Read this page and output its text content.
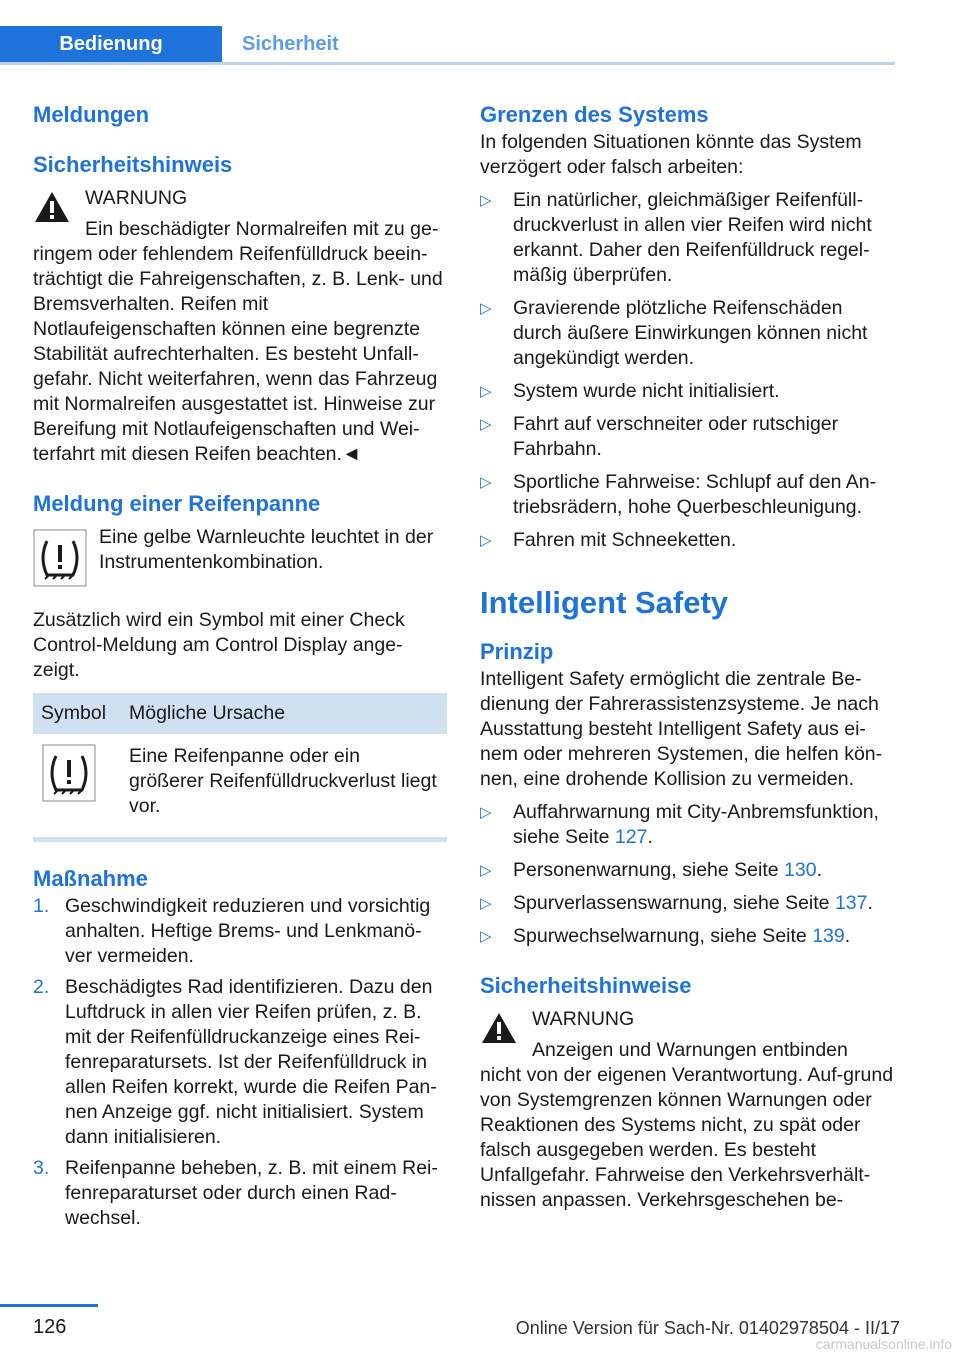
Bedienung	Sicherheit
Meldungen
Sicherheitshinweis

WARNUNG

Ein beschädigter Normalreifen mit zu ge-

ringem oder fehlendem Reifenfülldruck beein-trächtigt die Fahreigenschaften, z. B. Lenk- und Bremsverhalten. Reifen mit Notlaufeigenschaften können eine begrenzte Stabilität aufrechterhalten. Es besteht Unfall-gefahr. Nicht weiterfahren, wenn das Fahrzeug mit Normalreifen ausgestattet ist. Hinweise zur Bereifung mit Notlaufeigenschaften und Wei-terfahrt mit diesen Reifen beachten.◄

Meldung einer Reifenpanne

Eine gelbe Warnleuchte leuchtet in der Instrumentenkombination.

Zusätzlich wird ein Symbol mit einer Check Control-Meldung am Control Display ange-zeigt.

Symbol	Mögliche Ursache
	Eine Reifenpanne oder ein größerer Reifenfülldruckverlust liegt vor.
Maßnahme
1. Geschwindigkeit reduzieren und vorsichtig anhalten. Heftige Brems- und Lenkmanö-ver vermeiden.
2. Beschädigtes Rad identifizieren. Dazu den Luftdruck in allen vier Reifen prüfen, z. B. mit der Reifenfülldruckanzeige eines Rei-fenreparatursets. Ist der Reifenfülldruck in allen Reifen korrekt, wurde die Reifen Pan-nen Anzeige ggf. nicht initialisiert. System dann initialisieren.
3. Reifenpanne beheben, z. B. mit einem Rei-fenreparaturset oder durch einen Rad-wechsel.
Grenzen des Systems

In folgenden Situationen könnte das System verzögert oder falsch arbeiten:

▷	Ein natürlicher, gleichmäßiger Reifenfüll-druckverlust in allen vier Reifen wird nicht erkannt. Daher den Reifenfülldruck regel-mäßig überprüfen.
▷	Gravierende plötzliche Reifenschäden durch äußere Einwirkungen können nicht angekündigt werden.
▷	System wurde nicht initialisiert.
▷	Fahrt auf verschneiter oder rutschiger Fahrbahn.
▷	Sportliche Fahrweise: Schlupf auf den An-triebsrädern, hohe Querbeschleunigung.
▷	Fahren mit Schneeketten.
Intelligent Safety
Prinzip

Intelligent Safety ermöglicht die zentrale Be-dienung der Fahrerassistenzsysteme. Je nach Ausstattung besteht Intelligent Safety aus ei-nem oder mehreren Systemen, die helfen kön-nen, eine drohende Kollision zu vermeiden.

▷	Auffahrwarnung mit City-Anbremsfunktion, siehe Seite 127.
▷	Personenwarnung, siehe Seite 130.
▷	Spurverlassenswarnung, siehe Seite 137.
▷	Spurwechselwarnung, siehe Seite 139.
Sicherheitshinweise

WARNUNG

Anzeigen und Warnungen entbinden

nicht von der eigenen Verantwortung. Auf-grund von Systemgrenzen können Warnungen oder Reaktionen des Systems nicht, zu spät oder falsch ausgegeben werden. Es besteht Unfallgefahr. Fahrweise den Verkehrsverhält-nissen anpassen. Verkehrsgeschehen be-

126	Online Version für Sach-Nr. 01402978504 - II/17
carmanualsonline.info
